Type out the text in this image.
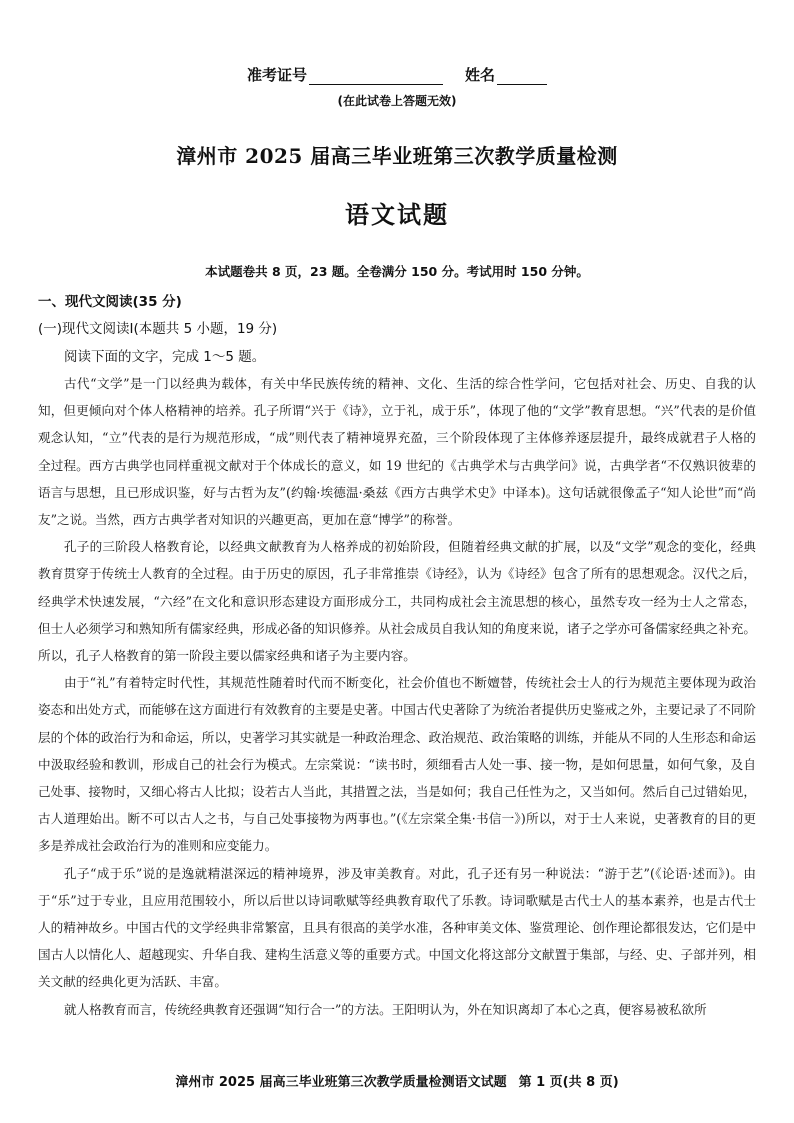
准考证号	姓名
(在此试卷上答题无效)
漳州市 2025 届高三毕业班第三次教学质量检测
语文试题
本试题卷共 8 页，23 题。全卷满分 150 分。考试用时 150 分钟。
一、现代文阅读(35 分)
(一)现代文阅读Ⅰ(本题共 5 小题，19 分)
阅读下面的文字，完成 1～5 题。

古代“文学”是一门以经典为载体，有关中华民族传统的精神、文化、生活的综合性学问，它包括对社会、历史、自我的认知，但更倾向对个体人格精神的培养。孔子所谓“兴于《诗》，立于礼，成于乐”，体现了他的“文学”教育思想。“兴”代表的是价值观念认知，“立”代表的是行为规范形成，“成”则代表了精神境界充盈，三个阶段体现了主体修养逐层提升，最终成就君子人格的全过程。西方古典学也同样重视文献对于个体成长的意义，如 19 世纪的《古典学术与古典学问》说，古典学者“不仅熟识彼辈的语言与思想，且已形成识鉴，好与古哲为友”(约翰·埃德温·桑兹《西方古典学术史》中译本)。这句话就很像孟子“知人论世”而“尚友”之说。当然，西方古典学者对知识的兴趣更高，更加在意“博学”的称誉。

孔子的三阶段人格教育论，以经典文献教育为人格养成的初始阶段，但随着经典文献的扩展，以及“文学”观念的变化，经典教育贯穿于传统士人教育的全过程。由于历史的原因，孔子非常推崇《诗经》，认为《诗经》包含了所有的思想观念。汉代之后，经典学术快速发展，“六经”在文化和意识形态建设方面形成分工，共同构成社会主流思想的核心，虽然专攻一经为士人之常态，但士人必须学习和熟知所有儒家经典，形成必备的知识修养。从社会成员自我认知的角度来说，诸子之学亦可备儒家经典之补充。所以，孔子人格教育的第一阶段主要以儒家经典和诸子为主要内容。

由于“礼”有着特定时代性，其规范性随着时代而不断变化，社会价值也不断嬗替，传统社会士人的行为规范主要体现为政治姿态和出处方式，而能够在这方面进行有效教育的主要是史著。中国古代史著除了为统治者提供历史鉴戒之外，主要记录了不同阶层的个体的政治行为和命运，所以，史著学习其实就是一种政治理念、政治规范、政治策略的训练，并能从不同的人生形态和命运中汲取经验和教训，形成自己的社会行为模式。左宗棠说：“读书时，须细看古人处一事、接一物，是如何思量，如何气象，及自己处事、接物时，又细心将古人比拟；设若古人当此，其措置之法，当是如何；我自己任性为之，又当如何。然后自己过错始见，古人道理始出。断不可以古人之书，与自己处事接物为两事也。”(《左宗棠全集·书信一》)所以，对于士人来说，史著教育的目的更多是养成社会政治行为的准则和应变能力。

孔子“成于乐”说的是逸就精湛深远的精神境界，涉及审美教育。对此，孔子还有另一种说法：“游于艺”(《论语·述而》)。由于“乐”过于专业，且应用范围较小，所以后世以诗词歌赋等经典教育取代了乐教。诗词歌赋是古代士人的基本素养，也是古代士人的精神故乡。中国古代的文学经典非常繁富，且具有很高的美学水准，各种审美文体、鉴赏理论、创作理论都很发达，它们是中国古人以情化人、超越现实、升华自我、建构生活意义等的重要方式。中国文化将这部分文献置于集部，与经、史、子部并列，相关文献的经典化更为活跃、丰富。

就人格教育而言，传统经典教育还强调“知行合一”的方法。王阳明认为，外在知识离却了本心之真，便容易被私欲所

漳州市 2025 届高三毕业班第三次教学质量检测语文试题 第 1 页(共 8 页)
